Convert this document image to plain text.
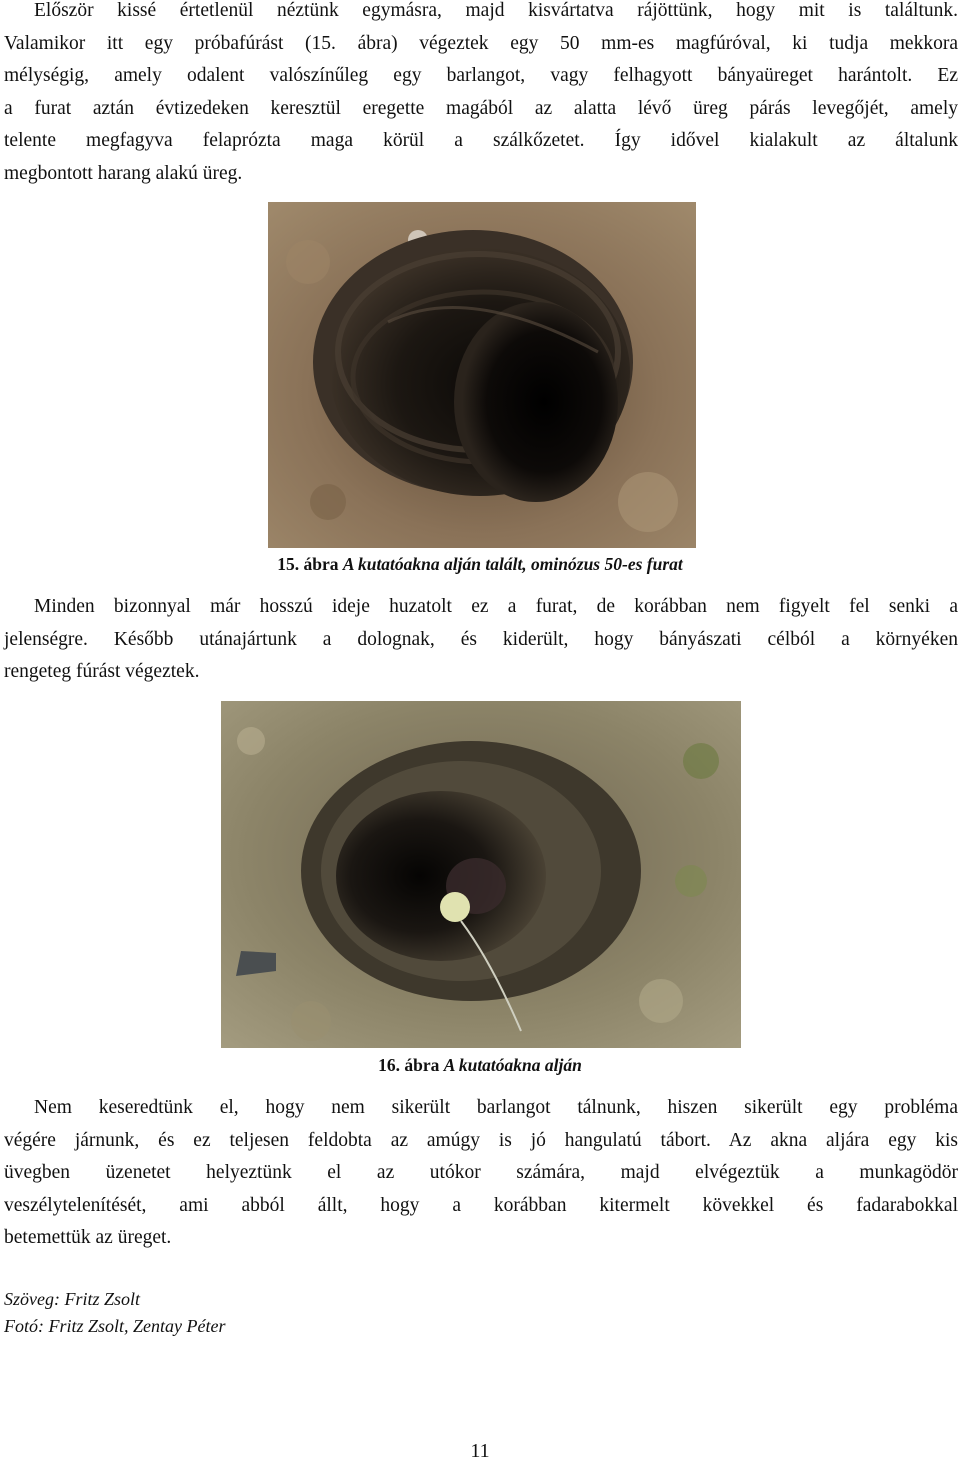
Először kissé értetlenül néztünk egymásra, majd kisvártatva rájöttünk, hogy mit is találtunk.
Valamikor itt egy próbafúrást (15. ábra) végeztek egy 50 mm-es magfúróval, ki tudja mekkora
mélységig, amely odalent valószínűleg egy barlangot, vagy felhagyott bányaüreget harántolt. Ez
a furat aztán évtizedeken keresztül eregette magából az alatta lévő üreg párás levegőjét, amely
telente megfagyva felaprózta maga körül a szálkőzetet. Így idővel kialakult az általunk
megbontott harang alakú üreg.

15. ábra A kutatóakna alján talált, ominózus 50-es furat

Minden bizonnyal már hosszú ideje huzatolt ez a furat, de korábban nem figyelt fel senki a
jelenségre. Később utánajártunk a dolognak, és kiderült, hogy bányászati célból a környéken
rengeteg fúrást végeztek.

16. ábra A kutatóakna alján

Nem keseredtünk el, hogy nem sikerült barlangot tálnunk, hiszen sikerült egy probléma
végére járnunk, és ez teljesen feldobta az amúgy is jó hangulatú tábort. Az akna aljára egy kis
üvegben üzenetet helyeztünk el az utókor számára, majd elvégeztük a munkagödör
veszélytelenítését, ami abból állt, hogy a korábban kitermelt kövekkel és fadarabokkal
betemettük az üreget.

Szöveg: Fritz Zsolt

Fotó: Fritz Zsolt, Zentay Péter

11
